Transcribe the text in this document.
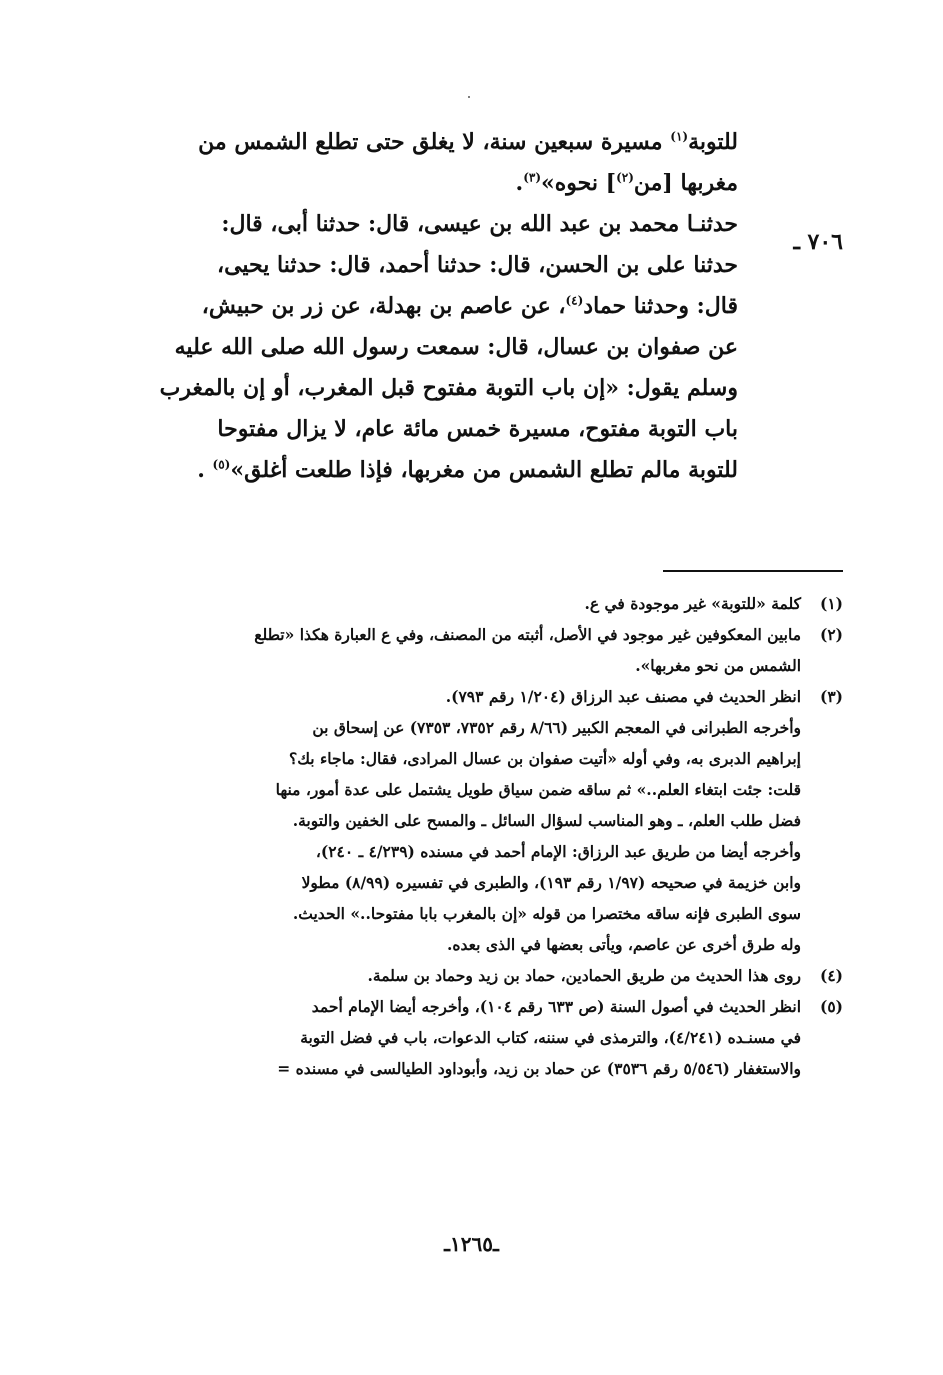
٧٠٦ ـ
للتوبة$^{(١)}$ مسيرة سبعين سنة، لا يغلق حتى تطلع الشمس من
مغربها [من$^{(٢)}$] نحوه»$^{(٣)}$.
حدثنـا محمد بن عبد الله بن عيسى، قال: حدثنا أبى، قال:
حدثنا على بن الحسن، قال: حدثنا أحمد، قال: حدثنا يحيى،
قال: وحدثنا حماد$^{(٤)}$، عن عاصم بن بهدلة، عن زر بن حبيش،
عن صفوان بن عسال، قال: سمعت رسول الله صلى الله عليه
وسلم يقول: «إن باب التوبة مفتوح قبل المغرب، أو إن بالمغرب
باب التوبة مفتوح، مسيرة خمس مائة عام، لا يزال مفتوحا
للتوبة مالم تطلع الشمس من مغربها، فإذا طلعت أغلق»$^{(٥)}$ .
(١)
كلمة «للتوبة» غير موجودة في ع.
(٢)
مابين المعكوفين غير موجود في الأصل، أثبته من المصنف، وفي ع العبارة هكذا «تطلع
الشمس من نحو مغربها».
(٣)
انظر الحديث في مصنف عبد الرزاق (١/٢٠٤ رقم ٧٩٣).
وأخرجه الطبرانى في المعجم الكبير (٨/٦٦ رقم ٧٣٥٢، ٧٣٥٣) عن إسحاق بن
إبراهيم الدبرى به، وفي أوله «أتيت صفوان بن عسال المرادى، فقال: ماجاء بك؟
قلت: جئت ابتغاء العلم..» ثم ساقه ضمن سياق طويل يشتمل على عدة أمور، منها
فضل طلب العلم، ـ وهو المناسب لسؤال السائل ـ والمسح على الخفين والتوبة.
وأخرجه أيضا من طريق عبد الرزاق: الإمام أحمد في مسنده (٤/٢٣٩ ـ ٢٤٠)،
وابن خزيمة في صحيحه (١/٩٧ رقم ١٩٣)، والطبرى في تفسيره (٨/٩٩) مطولا
سوى الطبرى فإنه ساقه مختصرا من قوله «إن بالمغرب بابا مفتوحا..» الحديث.
وله طرق أخرى عن عاصم، ويأتى بعضها في الذى بعده.
(٤)
روى هذا الحديث من طريق الحمادين، حماد بن زيد وحماد بن سلمة.
(٥)
انظر الحديث في أصول السنة (ص ٦٣٣ رقم ١٠٤)، وأخرجه أيضا الإمام أحمد
في مسنـده (٤/٢٤١)، والترمذى في سننه، كتاب الدعوات، باب في فضل التوبة
والاستغفار (٥/٥٤٦ رقم ٣٥٣٦) عن حماد بن زيد، وأبوداود الطيالسى في مسنده =
ـ١٢٦٥ـ
